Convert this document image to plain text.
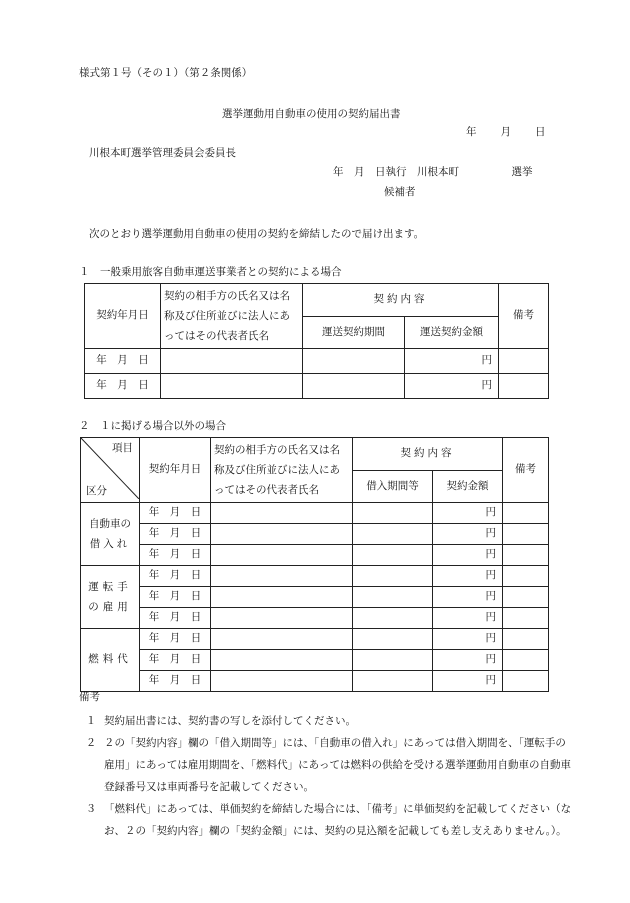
様式第１号（その１）（第２条関係）
選挙運動用自動車の使用の契約届出書
年　　月　　日
川根本町選挙管理委員会委員長
年　月　日執行　川根本町　　　　　選挙
候補者
次のとおり選挙運動用自動車の使用の契約を締結したので届け出ます。
１　一般乗用旅客自動車運送事業者との契約による場合
契約年月日	契約の相手方の氏名又は名称及び住所並びに法人にあってはその代表者氏名	契約内容		備考
		運送契約期間	運送契約金額	
年　月　日			円	
年　月　日			円	
２　１に掲げる場合以外の場合
項目
区分	契約年月日	契約の相手方の氏名又は名称及び住所並びに法人にあってはその代表者氏名	契約内容		備考
			借入期間等	契約金額	

自動車の
借入れ	年　月　日			円	
	年　月　日			円	
	年　月　日			円	

運転手
の雇用	年　月　日			円	
	年　月　日			円	
	年　月　日			円	

燃料代	年　月　日			円	
	年　月　日			円	
	年　月　日			円	
備考
１ 契約届出書には、契約書の写しを添付してください。
２ ２の「契約内容」欄の「借入期間等」には、「自動車の借入れ」にあっては借入期間を、「運転手の雇用」にあっては雇用期間を、「燃料代」にあっては燃料の供給を受ける選挙運動用自動車の自動車登録番号又は車両番号を記載してください。
３ 「燃料代」にあっては、単価契約を締結した場合には、「備考」に単価契約を記載してください（なお、２の「契約内容」欄の「契約金額」には、契約の見込額を記載しても差し支えありません。）。
